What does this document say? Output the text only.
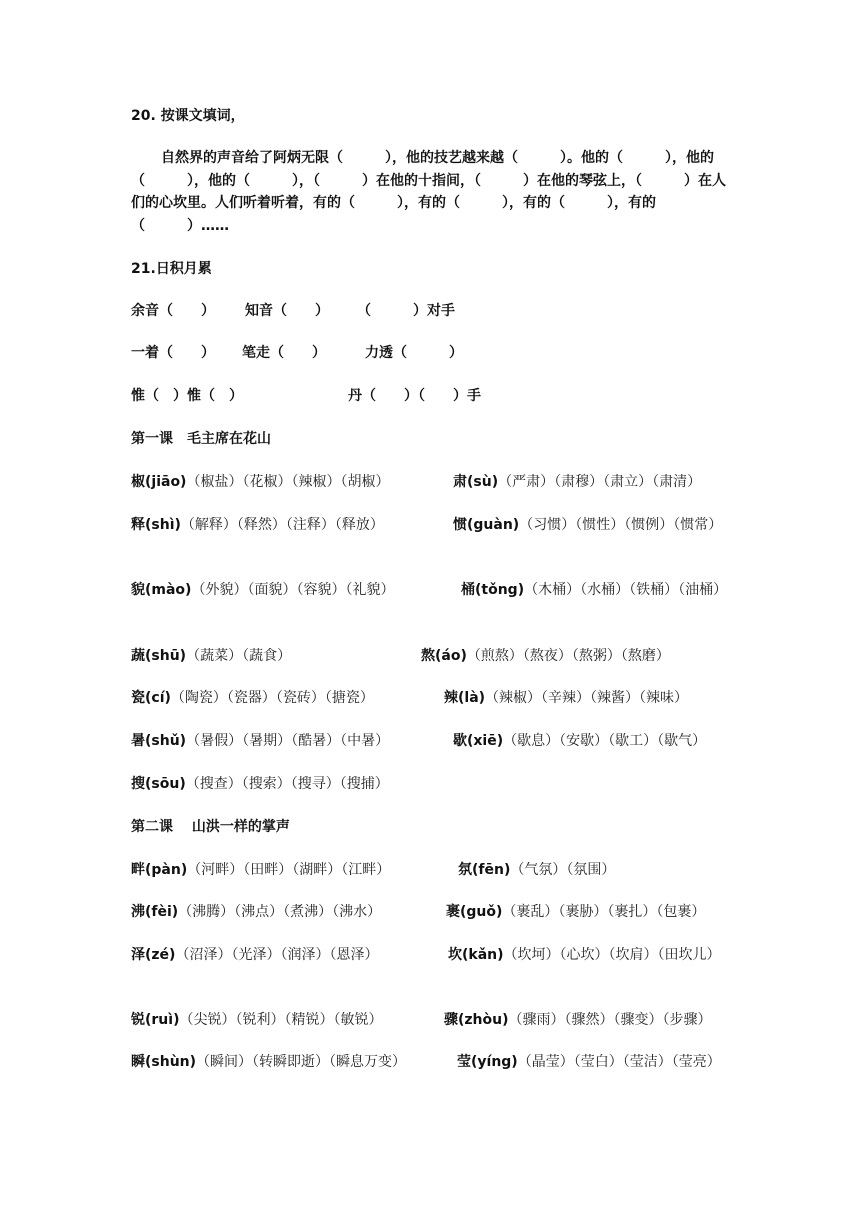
20. 按课文填词，
自然界的声音给了阿炳无限（　　　），他的技艺越来越（　　　）。他的（　　　），他的（　　　），他的（　　　），（　　　）在他的十指间，（　　　）在他的琴弦上，（　　　）在人们的心坎里。人们听着听着，有的（　　　），有的（　　　），有的（　　　），有的（　　　）……
21.日积月累
余音（　　） 知音（　　） （　　　）对手
一着（　　） 笔走（　　）	力透（　　　）
惟（　）惟（　）	丹（　　）（　　）手
第一课　毛主席在花山
椒(jiāo)（椒盐）（花椒）（辣椒）（胡椒）	肃(sù)（严肃）（肃穆）（肃立）（肃清）
释(shì)（解释）（释然）（注释）（释放）	惯(guàn)（习惯）（惯性）（惯例）（惯常）
貌(mào)（外貌）（面貌）（容貌）（礼貌）	桶(tǒng)（木桶）（水桶）（铁桶）（油桶）
蔬(shū)（蔬菜）（蔬食）	熬(áo)（煎熬）（熬夜）（熬粥）（熬磨）
瓷(cí)（陶瓷）（瓷器）（瓷砖）（搪瓷）	辣(là)（辣椒）（辛辣）（辣酱）（辣味）
暑(shǔ)（暑假）（暑期）（酷暑）（中暑）	歇(xiē)（歇息）（安歇）（歇工）（歇气）
搜(sōu)（搜查）（搜索）（搜寻）（搜捕）
第二课　 山洪一样的掌声
畔(pàn)（河畔）（田畔）（湖畔）（江畔）	氛(fēn)（气氛）（氛围）
沸(fèi)（沸腾）（沸点）（煮沸）（沸水）	裹(guǒ)（裹乱）（裹胁）（裹扎）（包裹）
泽(zé)（沼泽）（光泽）（润泽）（恩泽）	坎(kǎn)（坎坷）（心坎）（坎肩）（田坎儿）
锐(ruì)（尖锐）（锐利）（精锐）（敏锐）	骤(zhòu)（骤雨）（骤然）（骤变）（步骤）
瞬(shùn)（瞬间）（转瞬即逝）（瞬息万变）	莹(yíng)（晶莹）（莹白）（莹洁）（莹亮）
